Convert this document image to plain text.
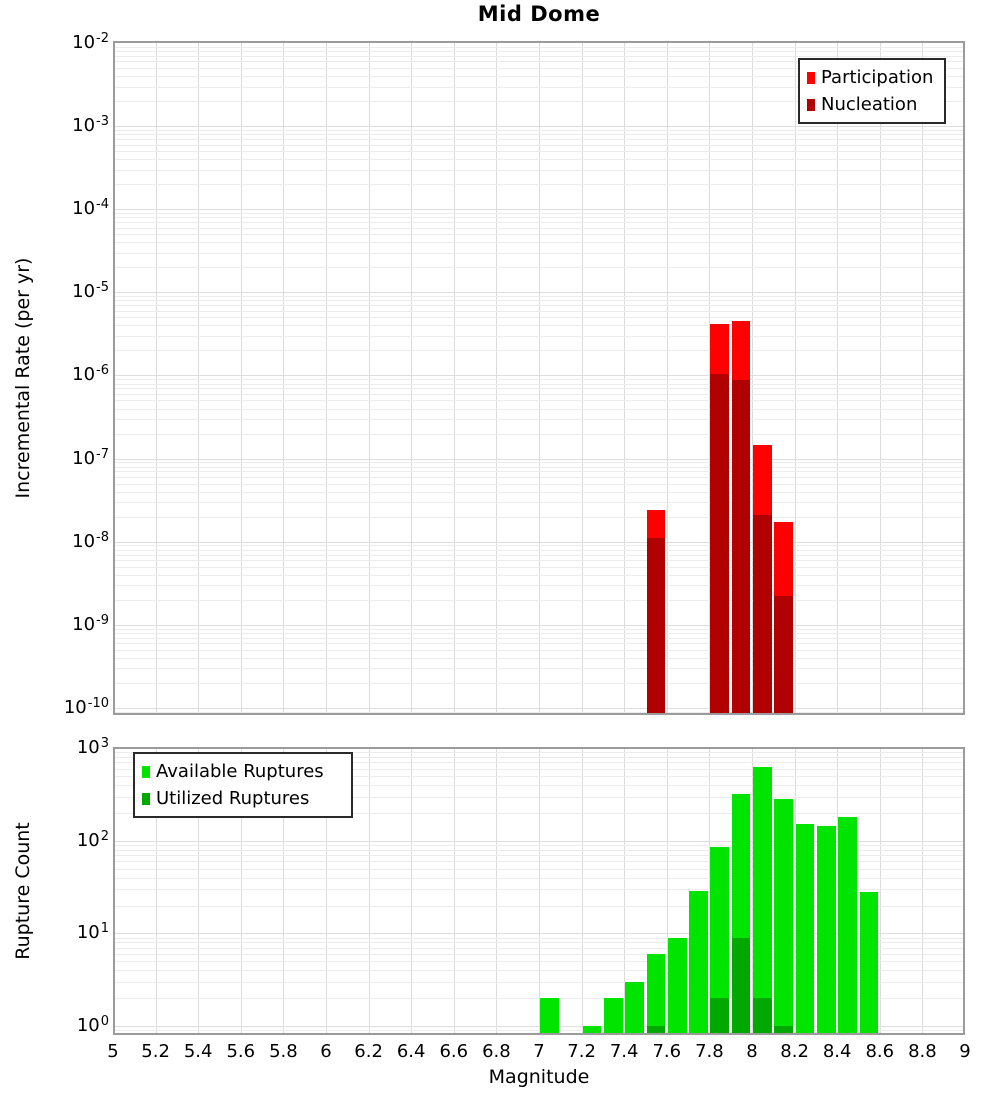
Mid Dome
Incremental Rate (per yr)
Rupture Count
Magnitude
Participation
Nucleation
Available Ruptures
Utilized Ruptures
$10^{-2}$
$10^{-3}$
$10^{-4}$
$10^{-5}$
$10^{-6}$
$10^{-7}$
$10^{-8}$
$10^{-9}$
$10^{-10}$
$10^3$
$10^2$
$10^1$
$10^0$
5	5.2 5.4 5.6 5.8	6	6.2 6.4 6.6 6.8	7	7.2 7.4 7.6 7.8	8	8.2 8.4 8.6 8.8	9
